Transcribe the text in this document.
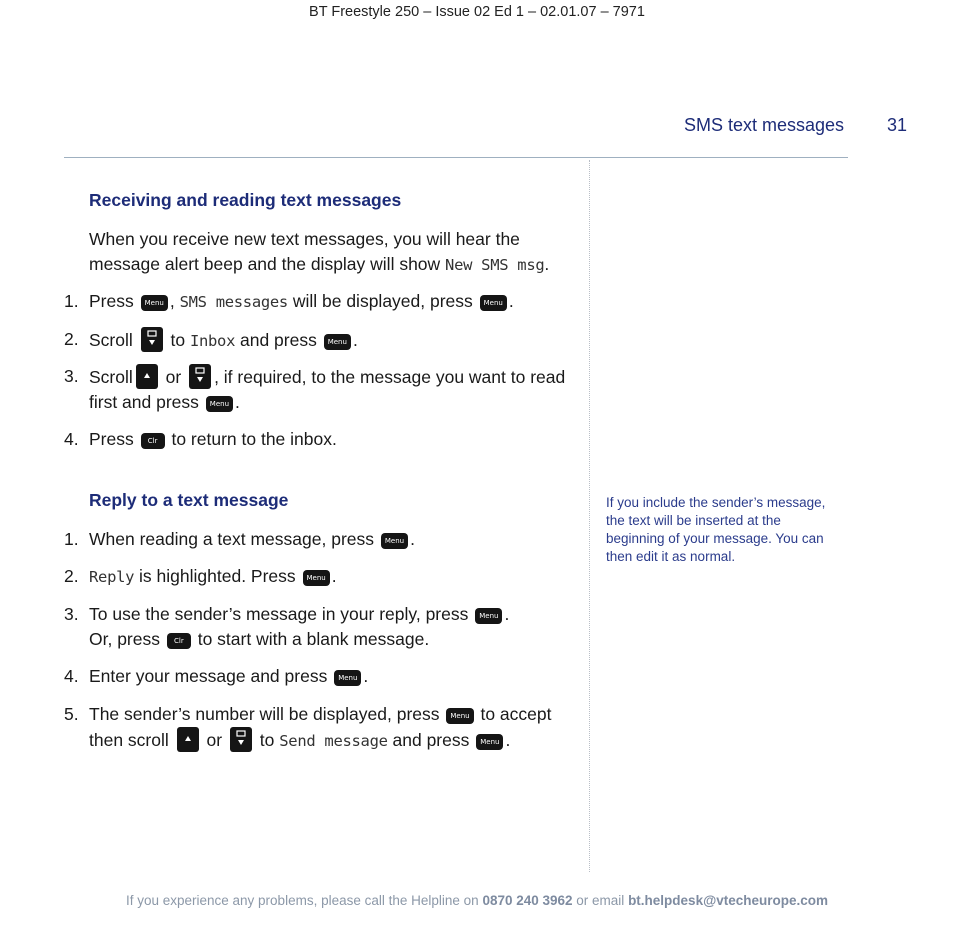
BT Freestyle 250 – Issue 02 Ed 1 – 02.01.07 – 7971
SMS text messages 31
Receiving and reading text messages
When you receive new text messages, you will hear the message alert beep and the display will show New SMS msg.
1. Press Menu , SMS messages will be displayed, press Menu .
2. Scroll
to Inbox and press Menu .
3. Scroll
or
, if required, to the message you want to read first and press Menu .
4. Press Clr to return to the inbox.
Reply to a text message
1. When reading a text message, press Menu .
2. Reply is highlighted. Press Menu .
3. To use the sender’s message in your reply, press Menu .
Or, press Clr to start with a blank message.
4. Enter your message and press Menu .
5. The sender’s number will be displayed, press Menu to accept then scroll
or
to Send message and press Menu .
If you include the sender’s message, the text will be inserted at the beginning of your message. You can then edit it as normal.
If you experience any problems, please call the Helpline on 0870 240 3962 or email bt.helpdesk@vtecheurope.com
